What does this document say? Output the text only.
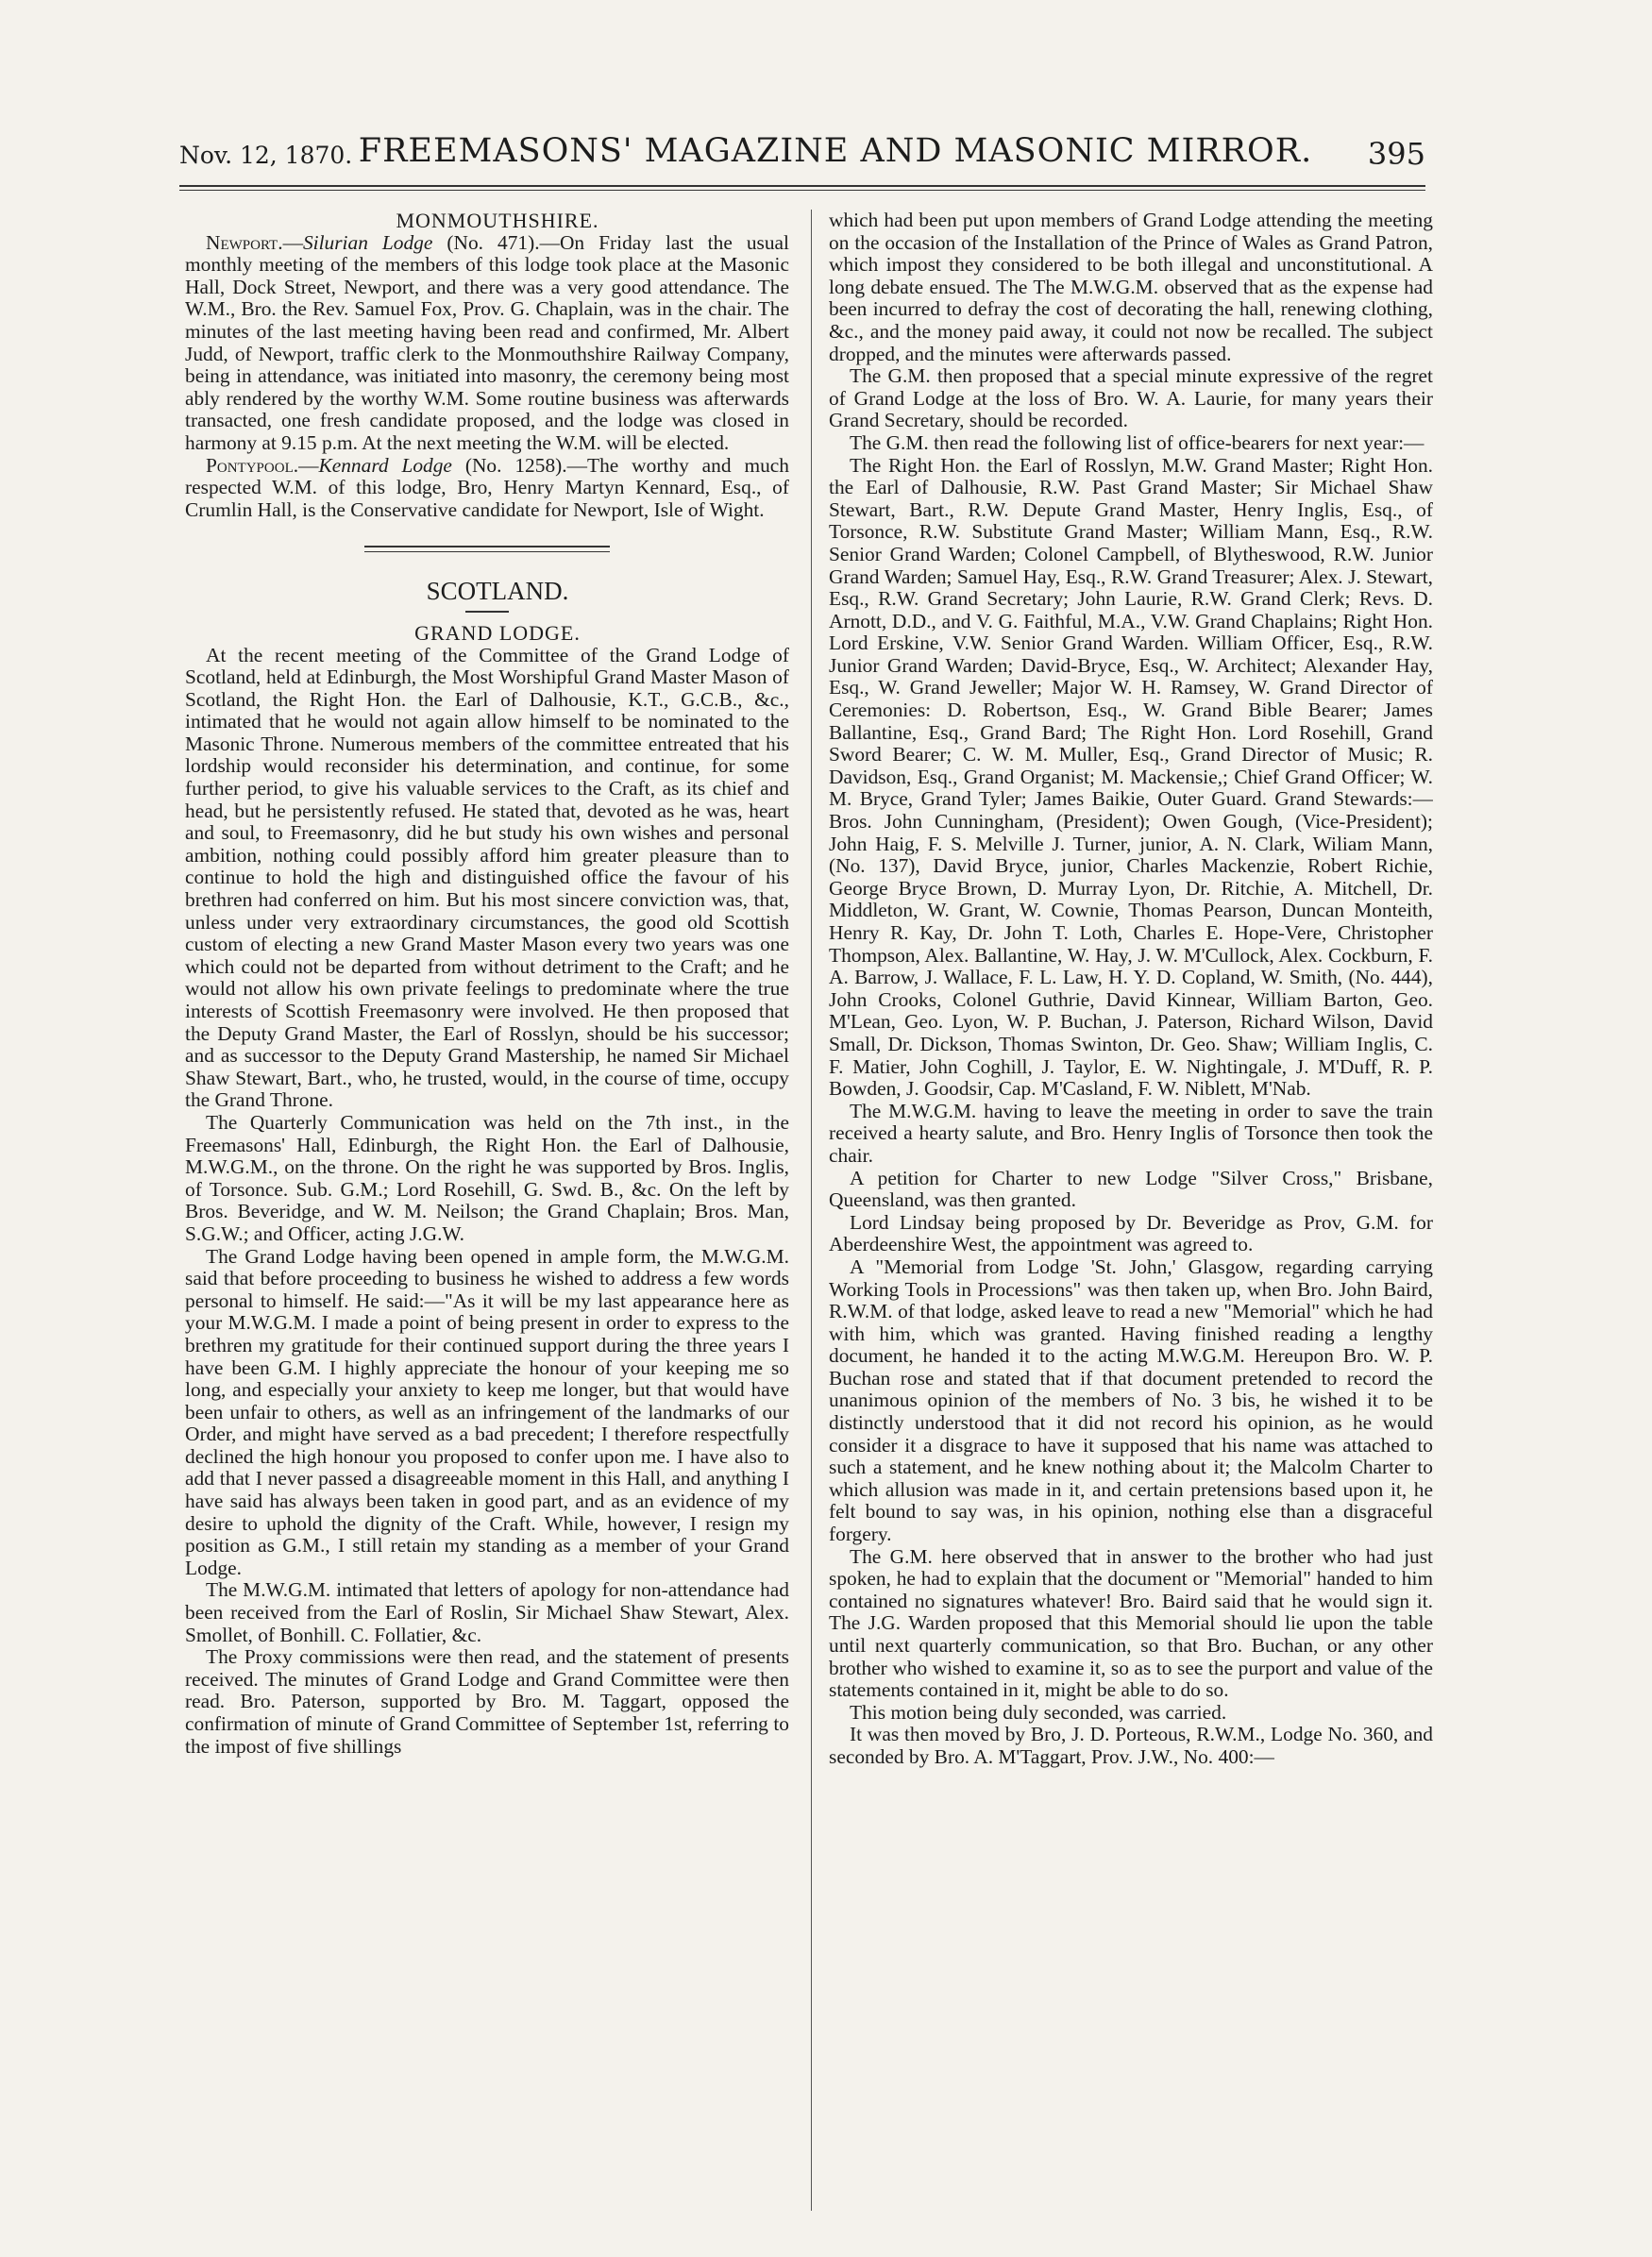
Nov. 12, 1870. FREEMASONS' MAGAZINE AND MASONIC MIRROR.	395

MONMOUTHSHIRE.

Newport.—Silurian Lodge (No. 471).—On Friday last the usual monthly meeting of the members of this lodge took place at the Masonic Hall, Dock Street, Newport, and there was a very good attendance. The W.M., Bro. the Rev. Samuel Fox, Prov. G. Chaplain, was in the chair. The minutes of the last meeting having been read and confirmed, Mr. Albert Judd, of Newport, traffic clerk to the Monmouthshire Railway Company, being in attendance, was initiated into masonry, the ceremony being most ably rendered by the worthy W.M. Some routine business was afterwards transacted, one fresh candidate proposed, and the lodge was closed in harmony at 9.15 p.m. At the next meeting the W.M. will be elected.

Pontypool.—Kennard Lodge (No. 1258).—The worthy and much respected W.M. of this lodge, Bro, Henry Martyn Kennard, Esq., of Crumlin Hall, is the Conservative candidate for Newport, Isle of Wight.

SCOTLAND.

GRAND LODGE.

At the recent meeting of the Committee of the Grand Lodge of Scotland, held at Edinburgh, the Most Worshipful Grand Master Mason of Scotland, the Right Hon. the Earl of Dalhousie, K.T., G.C.B., &c., intimated that he would not again allow himself to be nominated to the Masonic Throne. Numerous members of the committee entreated that his lordship would reconsider his determination, and continue, for some further period, to give his valuable services to the Craft, as its chief and head, but he persistently refused. He stated that, devoted as he was, heart and soul, to Freemasonry, did he but study his own wishes and personal ambition, nothing could possibly afford him greater pleasure than to continue to hold the high and distinguished office the favour of his brethren had conferred on him. But his most sincere conviction was, that, unless under very extraordinary circumstances, the good old Scottish custom of electing a new Grand Master Mason every two years was one which could not be departed from without detriment to the Craft; and he would not allow his own private feelings to predominate where the true interests of Scottish Freemasonry were involved. He then proposed that the Deputy Grand Master, the Earl of Rosslyn, should be his successor; and as successor to the Deputy Grand Mastership, he named Sir Michael Shaw Stewart, Bart., who, he trusted, would, in the course of time, occupy the Grand Throne.

The Quarterly Communication was held on the 7th inst., in the Freemasons' Hall, Edinburgh, the Right Hon. the Earl of Dalhousie, M.W.G.M., on the throne. On the right he was supported by Bros. Inglis, of Torsonce. Sub. G.M.; Lord Rosehill, G. Swd. B., &c. On the left by Bros. Beveridge, and W. M. Neilson; the Grand Chaplain; Bros. Man, S.G.W.; and Officer, acting J.G.W.

The Grand Lodge having been opened in ample form, the M.W.G.M. said that before proceeding to business he wished to address a few words personal to himself. He said:—"As it will be my last appearance here as your M.W.G.M. I made a point of being present in order to express to the brethren my gratitude for their continued support during the three years I have been G.M. I highly appreciate the honour of your keeping me so long, and especially your anxiety to keep me longer, but that would have been unfair to others, as well as an infringement of the landmarks of our Order, and might have served as a bad precedent; I therefore respectfully declined the high honour you proposed to confer upon me. I have also to add that I never passed a disagreeable moment in this Hall, and anything I have said has always been taken in good part, and as an evidence of my desire to uphold the dignity of the Craft. While, however, I resign my position as G.M., I still retain my standing as a member of your Grand Lodge.

The M.W.G.M. intimated that letters of apology for non-attendance had been received from the Earl of Roslin, Sir Michael Shaw Stewart, Alex. Smollet, of Bonhill. C. Follatier, &c.

The Proxy commissions were then read, and the statement of presents received. The minutes of Grand Lodge and Grand Committee were then read. Bro. Paterson, supported by Bro. M. Taggart, opposed the confirmation of minute of Grand Committee of September 1st, referring to the impost of five shillings

which had been put upon members of Grand Lodge attending the meeting on the occasion of the Installation of the Prince of Wales as Grand Patron, which impost they considered to be both illegal and unconstitutional. A long debate ensued. The The M.W.G.M. observed that as the expense had been incurred to defray the cost of decorating the hall, renewing clothing, &c., and the money paid away, it could not now be recalled. The subject dropped, and the minutes were afterwards passed.

The G.M. then proposed that a special minute expressive of the regret of Grand Lodge at the loss of Bro. W. A. Laurie, for many years their Grand Secretary, should be recorded.

The G.M. then read the following list of office-bearers for next year:—

The Right Hon. the Earl of Rosslyn, M.W. Grand Master; Right Hon. the Earl of Dalhousie, R.W. Past Grand Master; Sir Michael Shaw Stewart, Bart., R.W. Depute Grand Master, Henry Inglis, Esq., of Torsonce, R.W. Substitute Grand Master; William Mann, Esq., R.W. Senior Grand Warden; Colonel Campbell, of Blytheswood, R.W. Junior Grand Warden; Samuel Hay, Esq., R.W. Grand Treasurer; Alex. J. Stewart, Esq., R.W. Grand Secretary; John Laurie, R.W. Grand Clerk; Revs. D. Arnott, D.D., and V. G. Faithful, M.A., V.W. Grand Chaplains; Right Hon. Lord Erskine, V.W. Senior Grand Warden. William Officer, Esq., R.W. Junior Grand Warden; David-Bryce, Esq., W. Architect; Alexander Hay, Esq., W. Grand Jeweller; Major W. H. Ramsey, W. Grand Director of Ceremonies: D. Robertson, Esq., W. Grand Bible Bearer; James Ballantine, Esq., Grand Bard; The Right Hon. Lord Rosehill, Grand Sword Bearer; C. W. M. Muller, Esq., Grand Director of Music; R. Davidson, Esq., Grand Organist; M. Mackensie,; Chief Grand Officer; W. M. Bryce, Grand Tyler; James Baikie, Outer Guard. Grand Stewards:—Bros. John Cunningham, (President); Owen Gough, (Vice-President); John Haig, F. S. Melville J. Turner, junior, A. N. Clark, Wiliam Mann, (No. 137), David Bryce, junior, Charles Mackenzie, Robert Richie, George Bryce Brown, D. Murray Lyon, Dr. Ritchie, A. Mitchell, Dr. Middleton, W. Grant, W. Cownie, Thomas Pearson, Duncan Monteith, Henry R. Kay, Dr. John T. Loth, Charles E. Hope-Vere, Christopher Thompson, Alex. Ballantine, W. Hay, J. W. M'Cullock, Alex. Cockburn, F. A. Barrow, J. Wallace, F. L. Law, H. Y. D. Copland, W. Smith, (No. 444), John Crooks, Colonel Guthrie, David Kinnear, William Barton, Geo. M'Lean, Geo. Lyon, W. P. Buchan, J. Paterson, Richard Wilson, David Small, Dr. Dickson, Thomas Swinton, Dr. Geo. Shaw; William Inglis, C. F. Matier, John Coghill, J. Taylor, E. W. Nightingale, J. M'Duff, R. P. Bowden, J. Goodsir, Cap. M'Casland, F. W. Niblett, M'Nab.

The M.W.G.M. having to leave the meeting in order to save the train received a hearty salute, and Bro. Henry Inglis of Torsonce then took the chair.

A petition for Charter to new Lodge "Silver Cross," Brisbane, Queensland, was then granted.

Lord Lindsay being proposed by Dr. Beveridge as Prov, G.M. for Aberdeenshire West, the appointment was agreed to.

A "Memorial from Lodge 'St. John,' Glasgow, regarding carrying Working Tools in Processions" was then taken up, when Bro. John Baird, R.W.M. of that lodge, asked leave to read a new "Memorial" which he had with him, which was granted. Having finished reading a lengthy document, he handed it to the acting M.W.G.M. Hereupon Bro. W. P. Buchan rose and stated that if that document pretended to record the unanimous opinion of the members of No. 3 bis, he wished it to be distinctly understood that it did not record his opinion, as he would consider it a disgrace to have it supposed that his name was attached to such a statement, and he knew nothing about it; the Malcolm Charter to which allusion was made in it, and certain pretensions based upon it, he felt bound to say was, in his opinion, nothing else than a disgraceful forgery.

The G.M. here observed that in answer to the brother who had just spoken, he had to explain that the document or "Memorial" handed to him contained no signatures whatever! Bro. Baird said that he would sign it. The J.G. Warden proposed that this Memorial should lie upon the table until next quarterly communication, so that Bro. Buchan, or any other brother who wished to examine it, so as to see the purport and value of the statements contained in it, might be able to do so.

This motion being duly seconded, was carried.

It was then moved by Bro, J. D. Porteous, R.W.M., Lodge No. 360, and seconded by Bro. A. M'Taggart, Prov. J.W., No. 400:—
